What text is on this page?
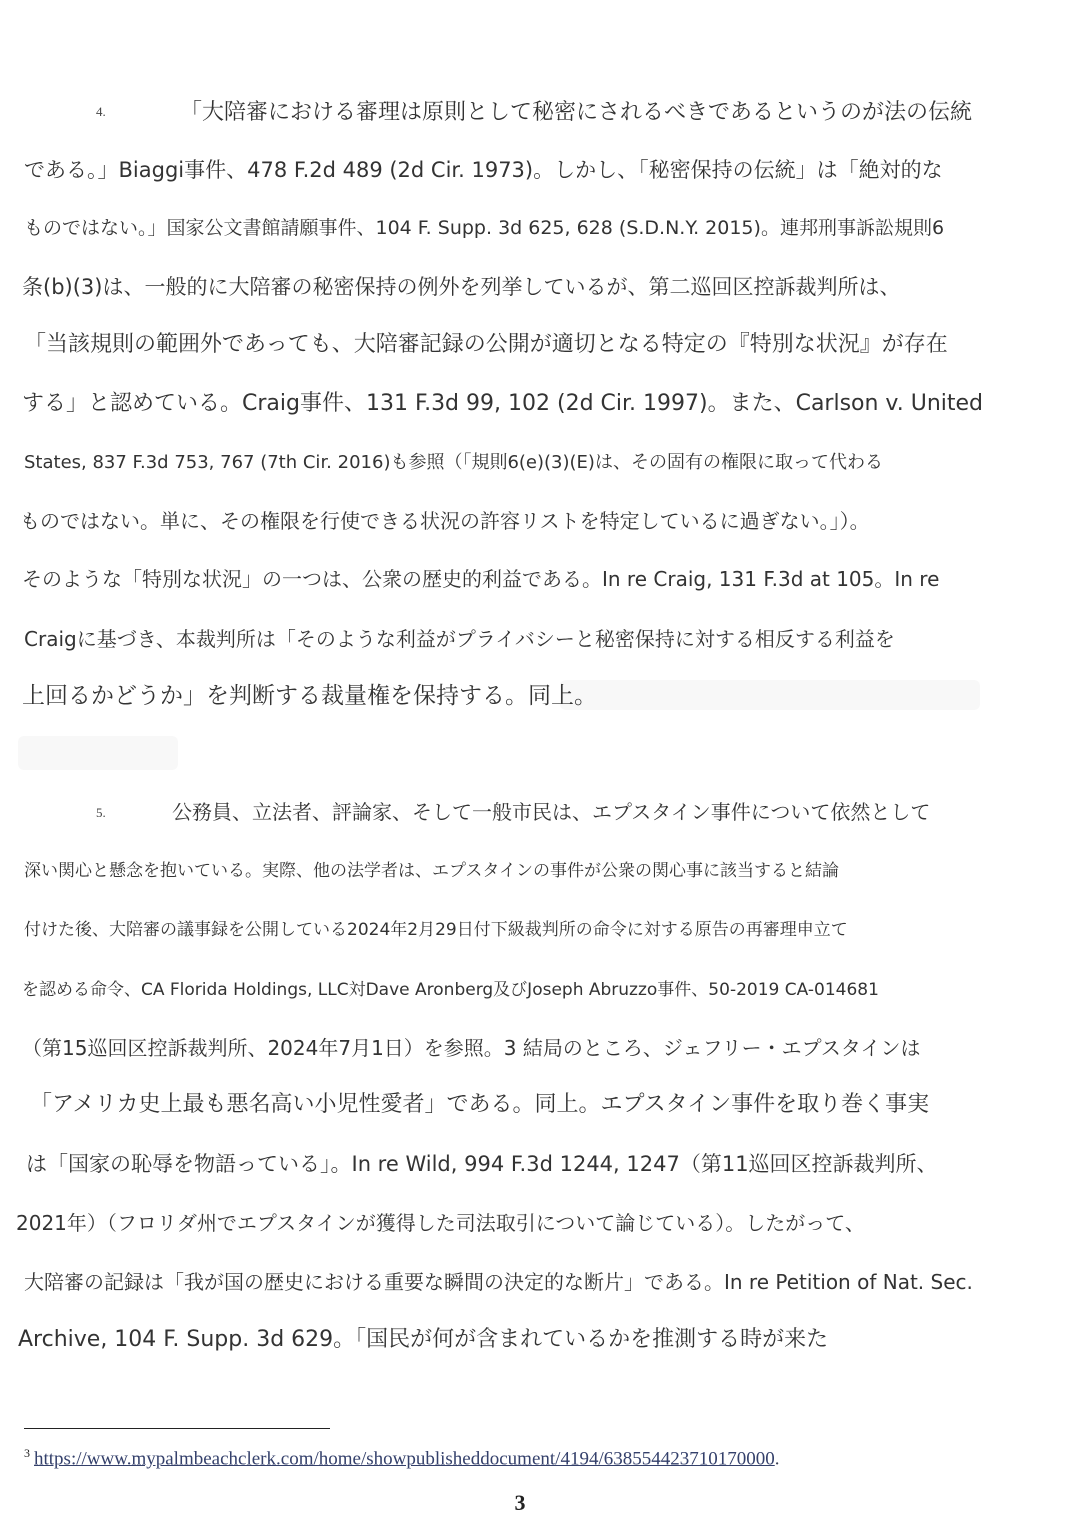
4.	「大陪審における審理は原則として秘密にされるべきであるというのが法の伝統
である。」Biaggi事件、478 F.2d 489 (2d Cir. 1973)。しかし、「秘密保持の伝統」は「絶対的な
ものではない。」国家公文書館請願事件、104 F. Supp. 3d 625, 628 (S.D.N.Y. 2015)。連邦刑事訴訟規則6
条(b)(3)は、一般的に大陪審の秘密保持の例外を列挙しているが、第二巡回区控訴裁判所は、
「当該規則の範囲外であっても、大陪審記録の公開が適切となる特定の『特別な状況』が存在
する」と認めている。Craig事件、131 F.3d 99, 102 (2d Cir. 1997)。また、Carlson v. United
States, 837 F.3d 753, 767 (7th Cir. 2016)も参照（「規則6(e)(3)(E)は、その固有の権限に取って代わる
ものではない。単に、その権限を行使できる状況の許容リストを特定しているに過ぎない。」）。
そのような「特別な状況」の一つは、公衆の歴史的利益である。In re Craig, 131 F.3d at 105。In re
Craigに基づき、本裁判所は「そのような利益がプライバシーと秘密保持に対する相反する利益を
上回るかどうか」を判断する裁量権を保持する。同上。
5.	公務員、立法者、評論家、そして一般市民は、エプスタイン事件について依然として
深い関心と懸念を抱いている。実際、他の法学者は、エプスタインの事件が公衆の関心事に該当すると結論
付けた後、大陪審の議事録を公開している2024年2月29日付下級裁判所の命令に対する原告の再審理申立て
を認める命令、CA Florida Holdings, LLC対Dave Aronberg及びJoseph Abruzzo事件、50-2019 CA-014681
（第15巡回区控訴裁判所、2024年7月1日）を参照。3 結局のところ、ジェフリー・エプスタインは
「アメリカ史上最も悪名高い小児性愛者」である。同上。エプスタイン事件を取り巻く事実
は「国家の恥辱を物語っている」。In re Wild, 994 F.3d 1244, 1247（第11巡回区控訴裁判所、
2021年）（フロリダ州でエプスタインが獲得した司法取引について論じている）。したがって、
大陪審の記録は「我が国の歴史における重要な瞬間の決定的な断片」である。In re Petition of Nat. Sec.
Archive, 104 F. Supp. 3d 629。「国民が何が含まれているかを推測する時が来た
$^3$ https://www.mypalmbeachclerk.com/home/showpublisheddocument/4194/638554423710170000.
3
